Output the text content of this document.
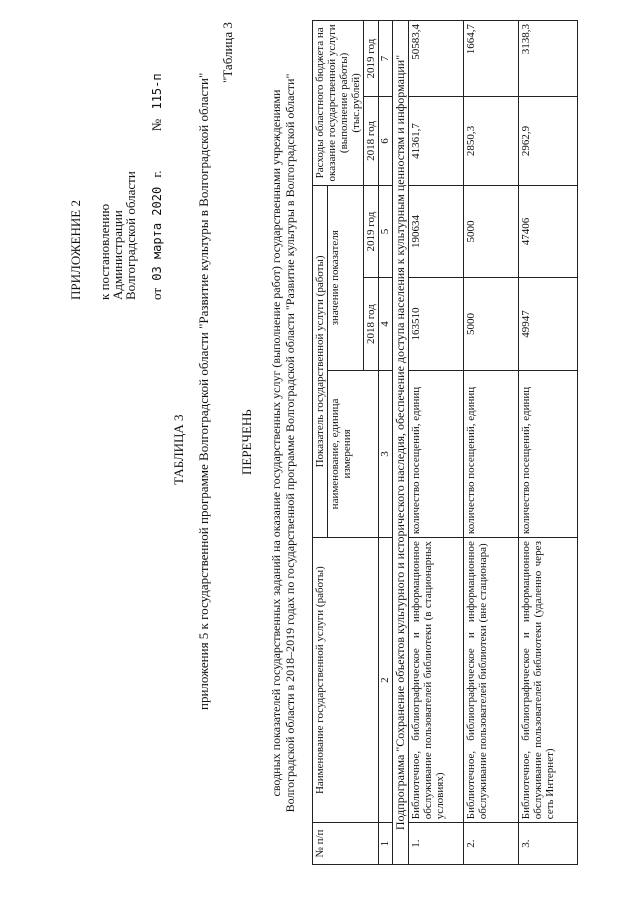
ПРИЛОЖЕНИЕ 2 к постановлению
Администрации
Волгоградской области от 03 марта 2020 г. № 115-п
"Таблица 3
ТАБЛИЦА 3 приложения 5 к государственной программе Волгоградской области "Развитие культуры в Волгоградской области" ПЕРЕЧЕНЬ сводных показателей государственных заданий на оказание государственных услуг (выполнение работ) государственными учреждениями Волгоградской области в 2018–2019 годах по государственной программе Волгоградской области "Развитие культуры в Волгоградской области"
№ п/п	Наименование государственной услуги (работы)	Показатель государственной услуги (работы)			Расходы областного бюджета на оказание государственной услуги (выполнение работы) (тыс.рублей)	
		наименование, единица измерения	значение показателя			
			2018 год	2019 год	2018 год	2019 год
1	2	3	4	5	6	7
Подпрограмма "Сохранение объектов культурного и исторического наследия, обеспечение доступа населения к культурным ценностям и информации"						
1.	Библиотечное, библиографическое и информационное обслуживание пользователей библиотеки (в стационарных условиях)	количество посещений, единиц	163510	190634	41361,7	50583,4
2.	Библиотечное, библиографическое и информационное обслуживание пользователей библиотеки (вне стационара)	количество посещений, единиц	5000	5000	2850,3	1664,7
3.	Библиотечное, библиографическое и информационное обслуживание пользователей библиотеки (удаленно через сеть Интернет)	количество посещений, единиц	49947	47406	2962,9	3138,3
